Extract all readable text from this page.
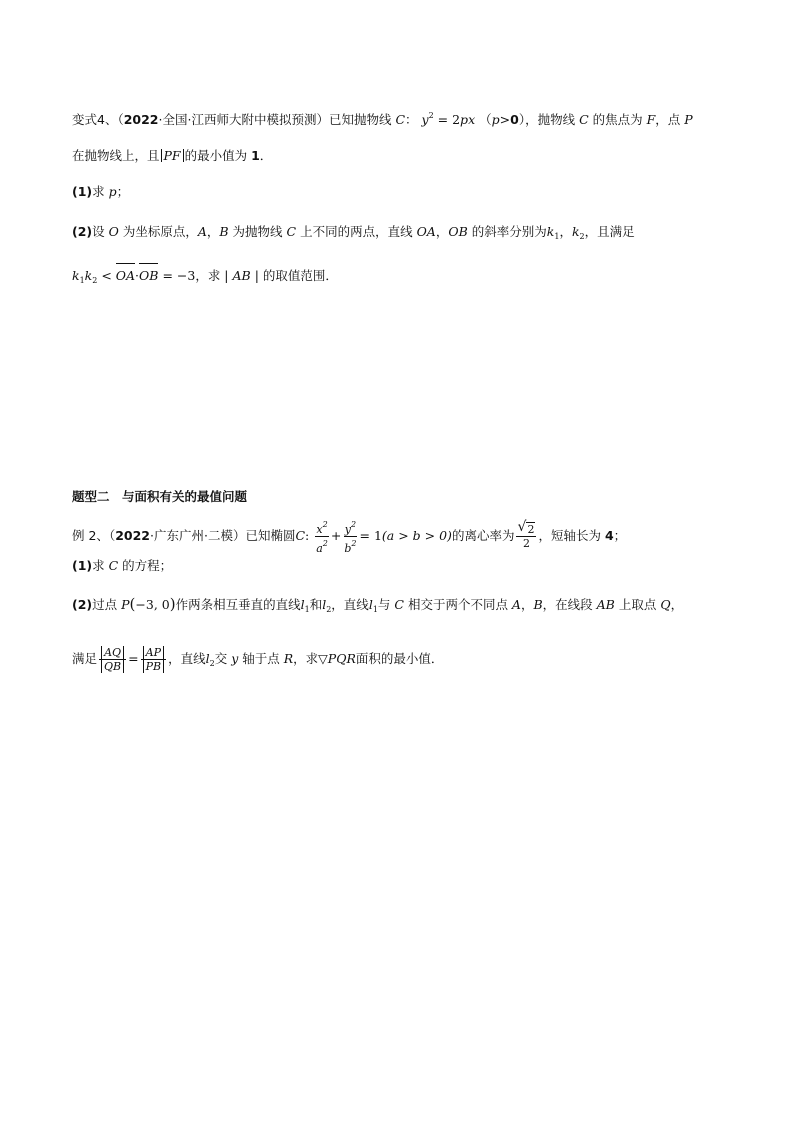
变式4、（2022·全国·江西师大附中模拟预测）已知抛物线 C： $y^2 = 2px$ （p>0），抛物线 C 的焦点为 F，点 P
在抛物线上，且 PF 的最小值为 1．
(1)求 p；
(2)设 O 为坐标原点，A，B 为抛物线 C 上不同的两点，直线 OA，OB 的斜率分别为$k_1$，$k_2$，且满足
$k_1k_2 < OA\cdot OB = -3$，求 | AB | 的取值范围．
题型二　与面积有关的最值问题
例 2、（2022·广东广州·二模）已知椭圆C: $\frac{x^2}{a^2} + \frac{y^2}{b^2} = 1(a > b > 0)$的离心率为 $\frac{√ 2}{2}$ ，短轴长为 4；
(1)求 C 的方程；
(2)过点 P(−3, 0)作两条相互垂直的直线$l_1$和$l_2$，直线$l_1$与 C 相交于两个不同点 A，B，在线段 AB 上取点 Q，
满足 $\frac{AQ}{QB} = \frac{AP}{PB}$ ，直线$l_2$交 y 轴于点 R，求▽PQR面积的最小值．
